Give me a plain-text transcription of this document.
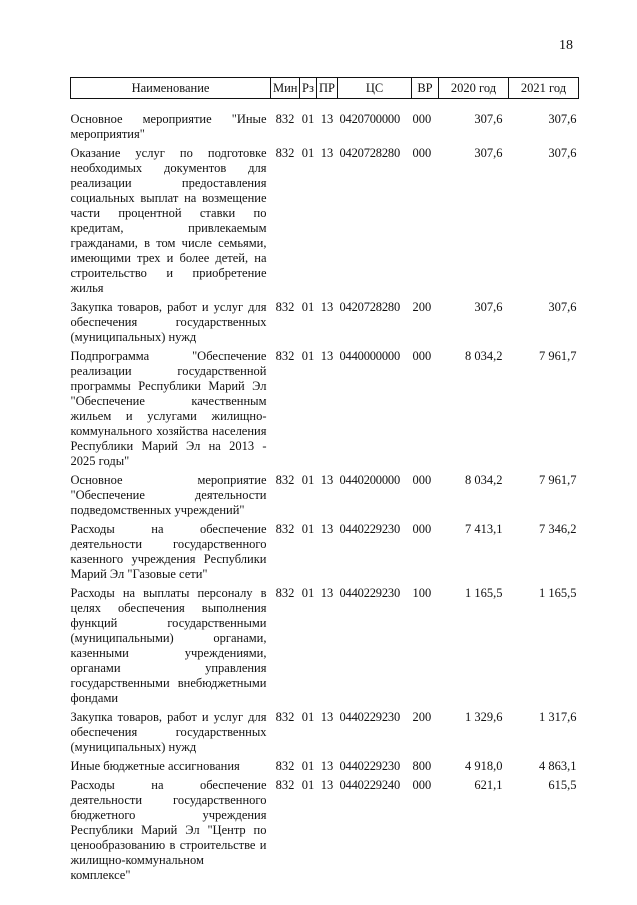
18
Наименование	Мин	Рз	ПР	ЦС	ВР	2020 год	2021 год
Основное мероприятие "Иные мероприятия"	832	01	13	0420700000	000	307,6	307,6
Оказание услуг по подготовке необходимых документов для реализации предоставления социальных выплат на возмещение части процентной ставки по кредитам, привлекаемым гражданами, в том числе семьями, имеющими трех и более детей, на строительство и приобретение жилья	832	01	13	0420728280	000	307,6	307,6
Закупка товаров, работ и услуг для обеспечения государственных (муниципальных) нужд	832	01	13	0420728280	200	307,6	307,6
Подпрограмма "Обеспечение реализации государственной программы Республики Марий Эл "Обеспечение качественным жильем и услугами жилищно-коммунального хозяйства населения Республики Марий Эл на 2013 - 2025 годы"	832	01	13	0440000000	000	8 034,2	7 961,7
Основное мероприятие "Обеспечение деятельности подведомственных учреждений"	832	01	13	0440200000	000	8 034,2	7 961,7
Расходы на обеспечение деятельности государственного казенного учреждения Республики Марий Эл "Газовые сети"	832	01	13	0440229230	000	7 413,1	7 346,2
Расходы на выплаты персоналу в целях обеспечения выполнения функций государственными (муниципальными) органами, казенными учреждениями, органами управления государственными внебюджетными фондами	832	01	13	0440229230	100	1 165,5	1 165,5
Закупка товаров, работ и услуг для обеспечения государственных (муниципальных) нужд	832	01	13	0440229230	200	1 329,6	1 317,6
Иные бюджетные ассигнования	832	01	13	0440229230	800	4 918,0	4 863,1
Расходы на обеспечение деятельности государственного бюджетного учреждения Республики Марий Эл "Центр по ценообразованию в строительстве и жилищно-коммунальном комплексе"	832	01	13	0440229240	000	621,1	615,5
